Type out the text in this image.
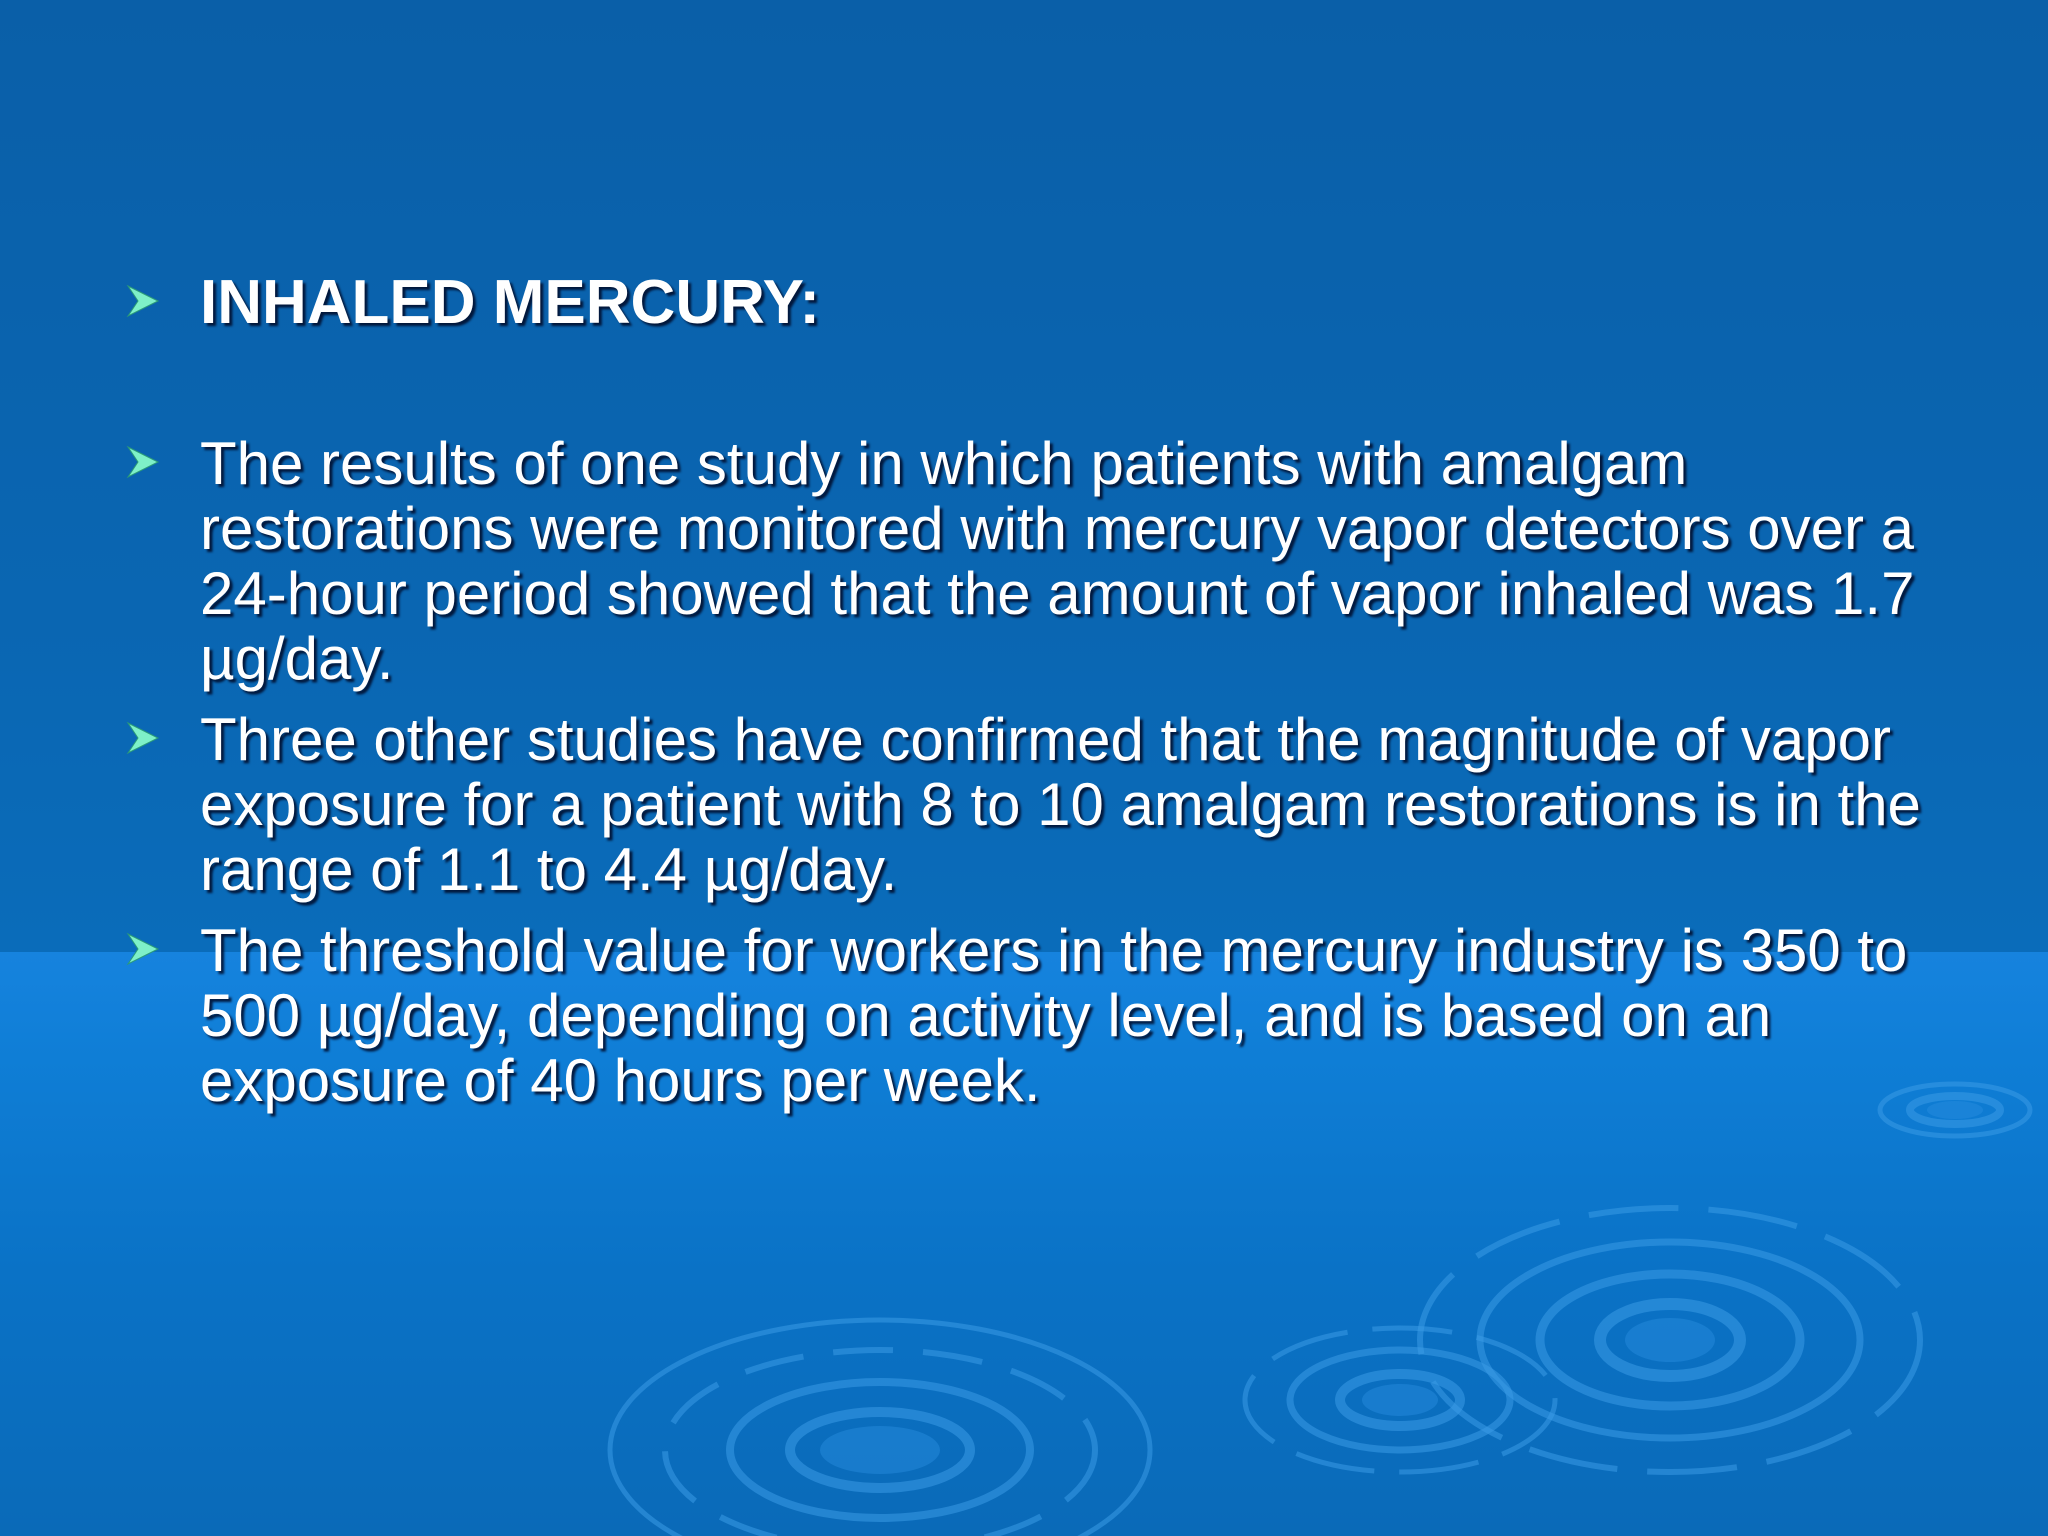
INHALED MERCURY:
The results of one study in which patients with amalgam restorations were monitored with mercury vapor detectors over a 24-hour period showed that the amount of vapor inhaled was 1.7 µg/day.
Three other studies have confirmed that the magnitude of vapor exposure for a patient with 8 to 10 amalgam restorations is in the range of 1.1 to 4.4 µg/day.
The threshold value for workers in the mercury industry is 350 to 500 µg/day, depending on activity level, and is based on an exposure of 40 hours per week.
